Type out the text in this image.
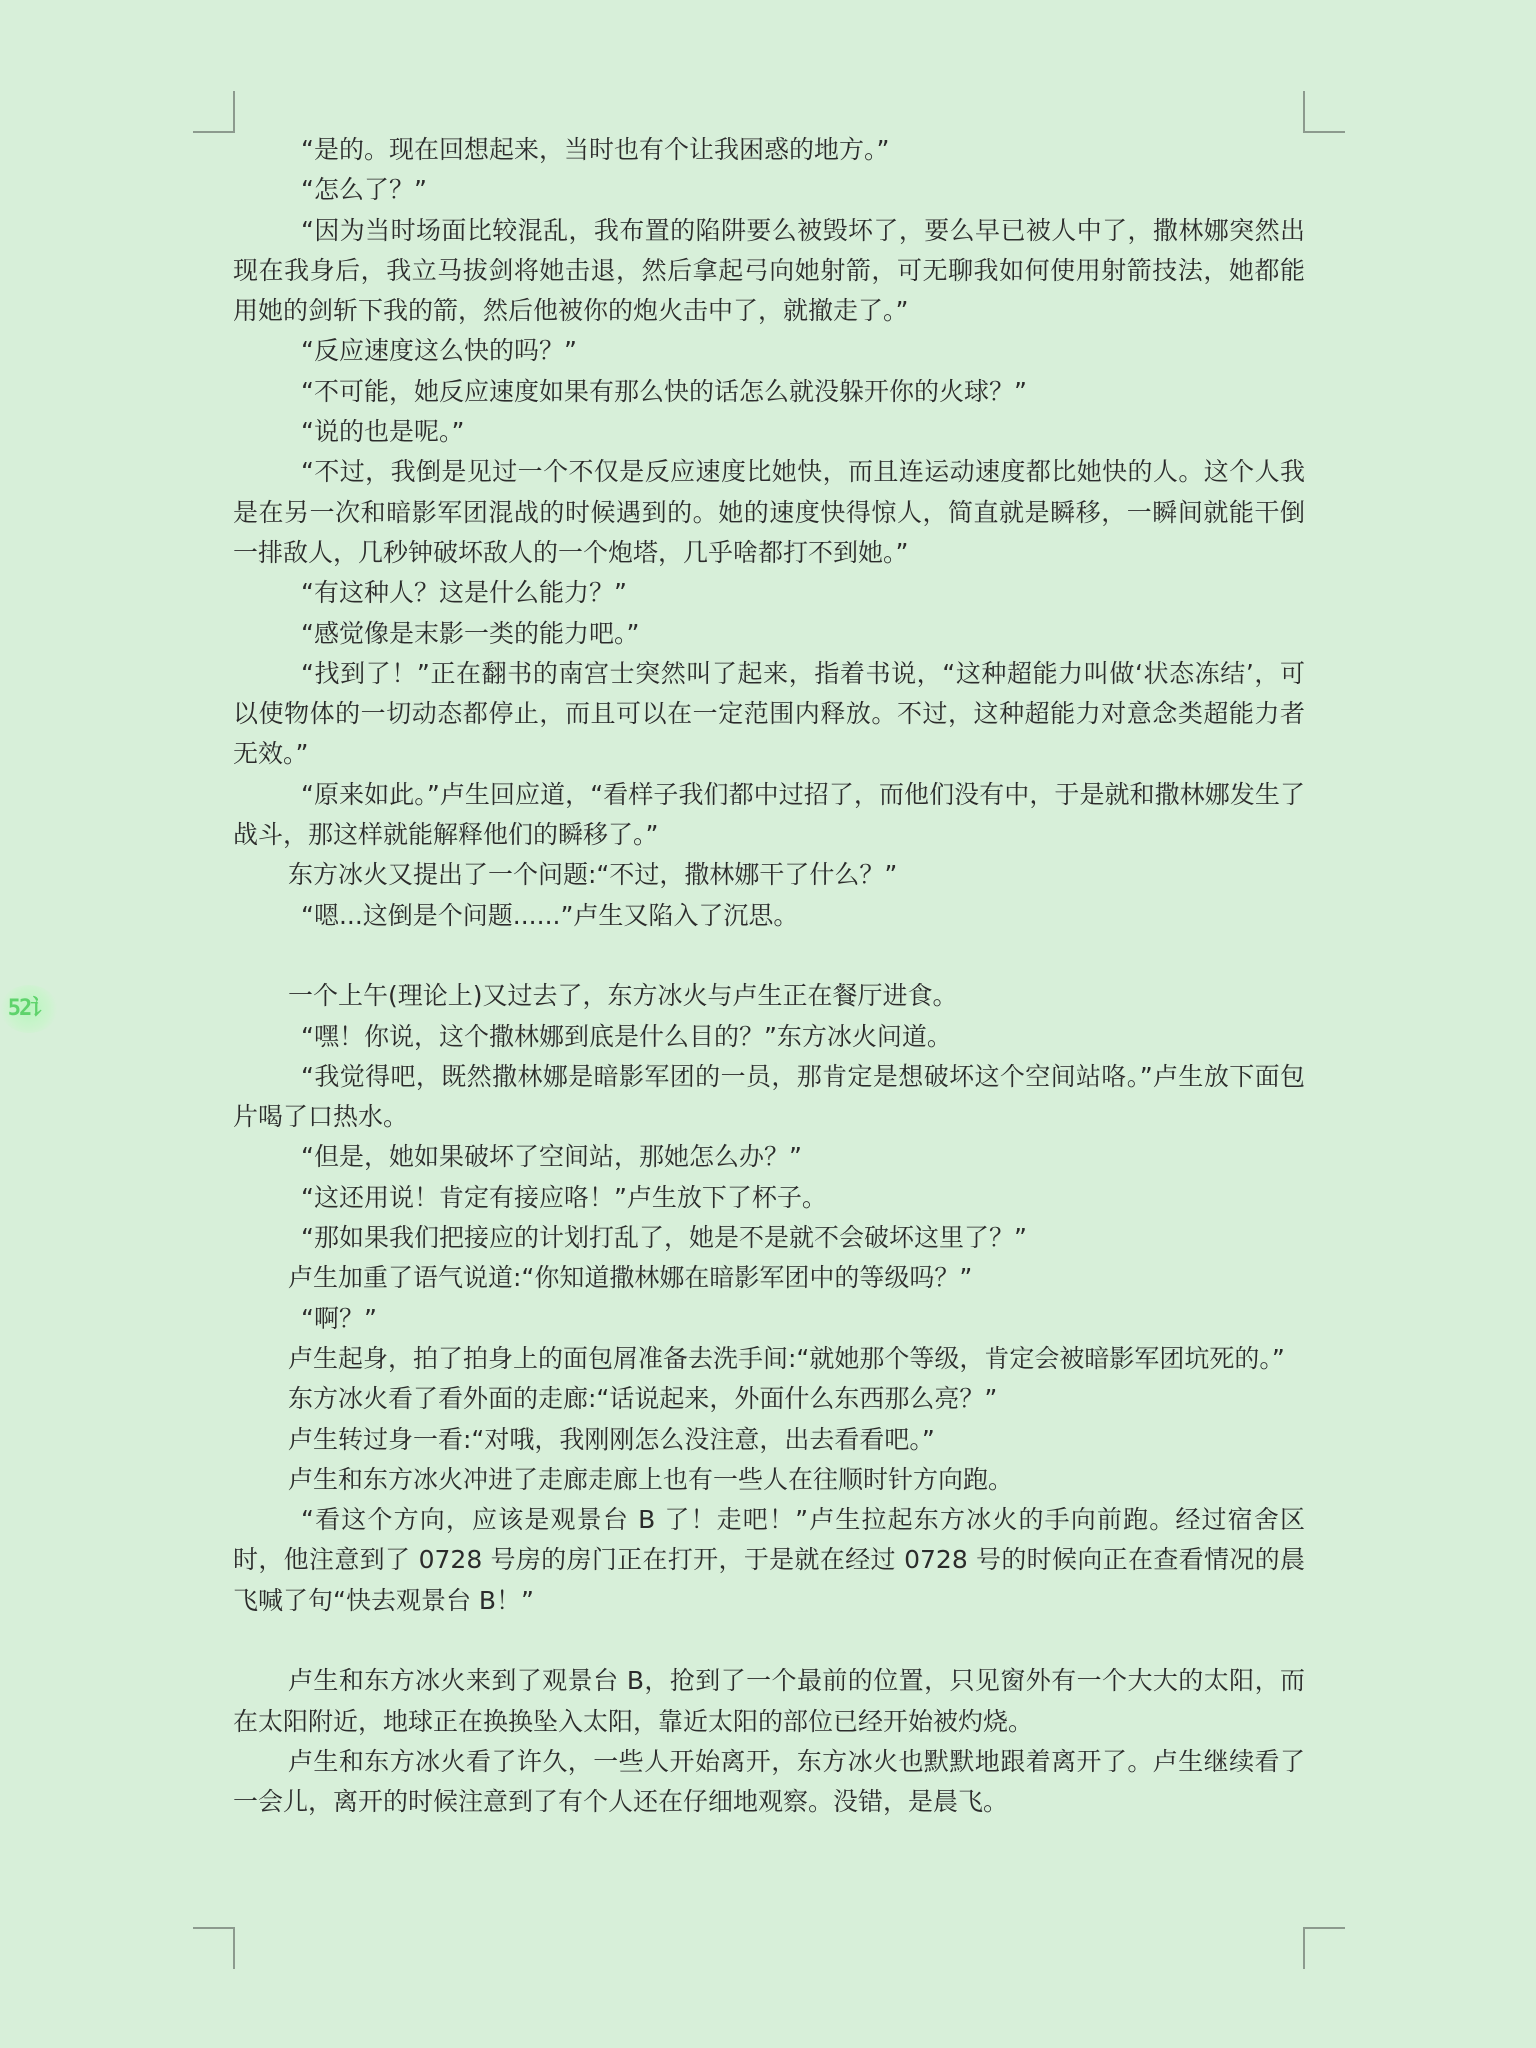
52讠

“是的。现在回想起来，当时也有个让我困惑的地方。”

“怎么了？”

“因为当时场面比较混乱，我布置的陷阱要么被毁坏了，要么早已被人中了，撒林娜突然出现在我身后，我立马拔剑将她击退，然后拿起弓向她射箭，可无聊我如何使用射箭技法，她都能用她的剑斩下我的箭，然后他被你的炮火击中了，就撤走了。”

“反应速度这么快的吗？”

“不可能，她反应速度如果有那么快的话怎么就没躲开你的火球？”

“说的也是呢。”

“不过，我倒是见过一个不仅是反应速度比她快，而且连运动速度都比她快的人。这个人我是在另一次和暗影军团混战的时候遇到的。她的速度快得惊人，简直就是瞬移，一瞬间就能干倒一排敌人，几秒钟破坏敌人的一个炮塔，几乎啥都打不到她。”

“有这种人？这是什么能力？”

“感觉像是末影一类的能力吧。”

“找到了！”正在翻书的南宫士突然叫了起来，指着书说，“这种超能力叫做‘状态冻结’，可以使物体的一切动态都停止，而且可以在一定范围内释放。不过，这种超能力对意念类超能力者无效。”

“原来如此。”卢生回应道，“看样子我们都中过招了，而他们没有中，于是就和撒林娜发生了战斗，那这样就能解释他们的瞬移了。”

东方冰火又提出了一个问题:“不过，撒林娜干了什么？”

“嗯...这倒是个问题......”卢生又陷入了沉思。

一个上午(理论上)又过去了，东方冰火与卢生正在餐厅进食。

“嘿！你说，这个撒林娜到底是什么目的？”东方冰火问道。

“我觉得吧，既然撒林娜是暗影军团的一员，那肯定是想破坏这个空间站咯。”卢生放下面包片喝了口热水。

“但是，她如果破坏了空间站，那她怎么办？”

“这还用说！肯定有接应咯！”卢生放下了杯子。

“那如果我们把接应的计划打乱了，她是不是就不会破坏这里了？”

卢生加重了语气说道:“你知道撒林娜在暗影军团中的等级吗？”

“啊？”

卢生起身，拍了拍身上的面包屑准备去洗手间:“就她那个等级，肯定会被暗影军团坑死的。”

东方冰火看了看外面的走廊:“话说起来，外面什么东西那么亮？”

卢生转过身一看:“对哦，我刚刚怎么没注意，出去看看吧。”

卢生和东方冰火冲进了走廊走廊上也有一些人在往顺时针方向跑。

“看这个方向，应该是观景台 B 了！走吧！”卢生拉起东方冰火的手向前跑。经过宿舍区时，他注意到了 0728 号房的房门正在打开，于是就在经过 0728 号的时候向正在查看情况的晨飞喊了句“快去观景台 B！”

卢生和东方冰火来到了观景台 B，抢到了一个最前的位置，只见窗外有一个大大的太阳，而在太阳附近，地球正在换换坠入太阳，靠近太阳的部位已经开始被灼烧。

卢生和东方冰火看了许久，一些人开始离开，东方冰火也默默地跟着离开了。卢生继续看了一会儿，离开的时候注意到了有个人还在仔细地观察。没错，是晨飞。
